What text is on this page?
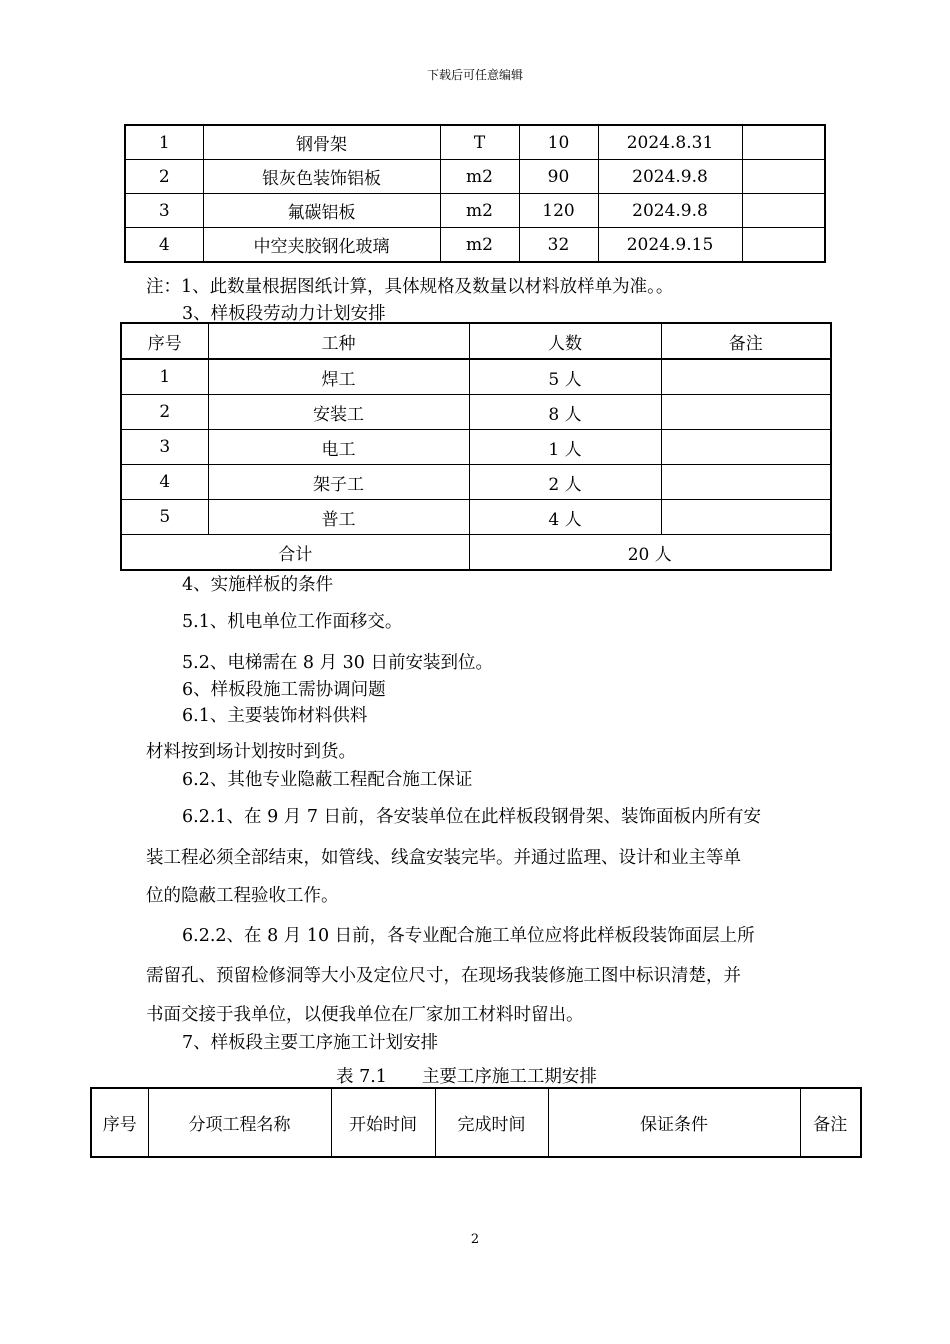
下载后可任意编辑
1	钢骨架	T	10	2024.8.31	
2	银灰色装饰铝板	m2	90	2024.9.8	
3	氟碳铝板	m2	120	2024.9.8	
4	中空夹胶钢化玻璃	m2	32	2024.9.15	
注：1、此数量根据图纸计算，具体规格及数量以材料放样单为准。。
3、样板段劳动力计划安排
序号	工种	人数	备注
1	焊工	5 人	
2	安装工	8 人	
3	电工	1 人	
4	架子工	2 人	
5	普工	4 人	
合计		20 人	
4、实施样板的条件
5.1、机电单位工作面移交。
5.2、电梯需在 8 月 30 日前安装到位。
6、样板段施工需协调问题
6.1、主要装饰材料供料
材料按到场计划按时到货。
6.2、其他专业隐蔽工程配合施工保证
6.2.1、在 9 月 7 日前，各安装单位在此样板段钢骨架、装饰面板内所有安
装工程必须全部结束，如管线、线盒安装完毕。并通过监理、设计和业主等单
位的隐蔽工程验收工作。
6.2.2、在 8 月 10 日前，各专业配合施工单位应将此样板段装饰面层上所
需留孔、预留检修洞等大小及定位尺寸，在现场我装修施工图中标识清楚，并
书面交接于我单位，以便我单位在厂家加工材料时留出。
7、样板段主要工序施工计划安排
表 7.1　　主要工序施工工期安排
序号	分项工程名称	开始时间	完成时间	保证条件	备注
2
